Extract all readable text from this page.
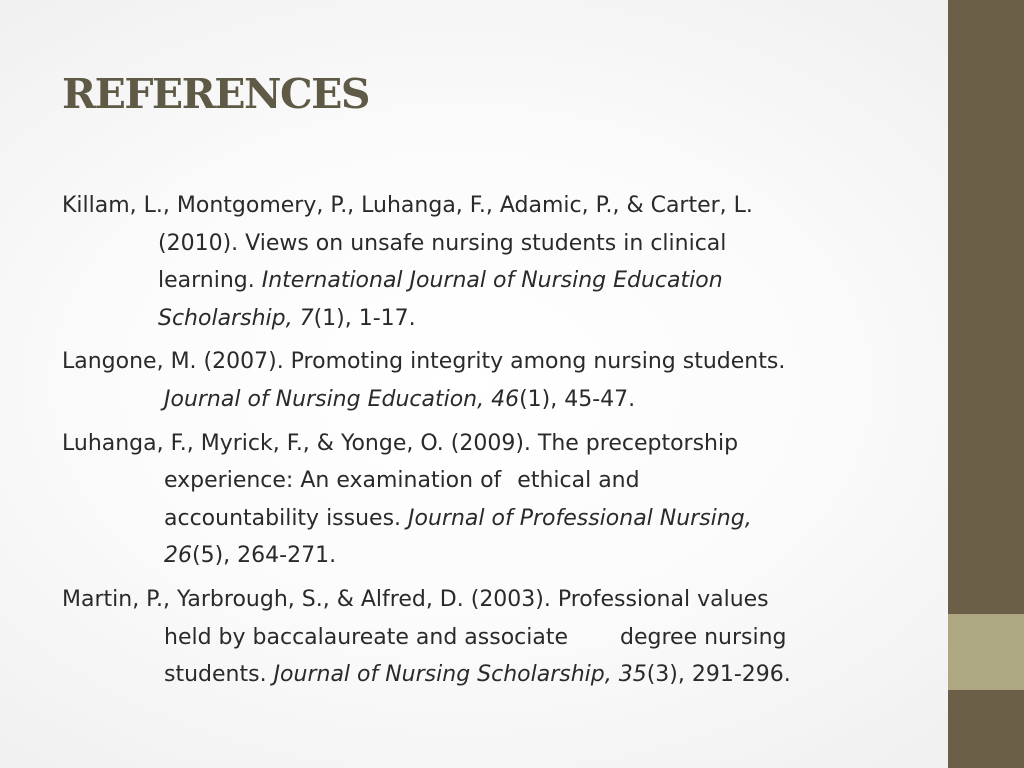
REFERENCES
Killam, L., Montgomery, P., Luhanga, F., Adamic, P., & Carter, L.
(2010). Views on unsafe nursing students in clinical
learning. International Journal of Nursing Education
Scholarship, 7(1), 1-17.
Langone, M. (2007). Promoting integrity among nursing students.
Journal of Nursing Education, 46(1), 45-47.
Luhanga, F., Myrick, F., & Yonge, O. (2009). The preceptorship
experience: An examination of ethical and
accountability issues. Journal of Professional Nursing,
26(5), 264-271.
Martin, P., Yarbrough, S., & Alfred, D. (2003). Professional values
held by baccalaureate and associate degree nursing
students. Journal of Nursing Scholarship, 35(3), 291-296.
